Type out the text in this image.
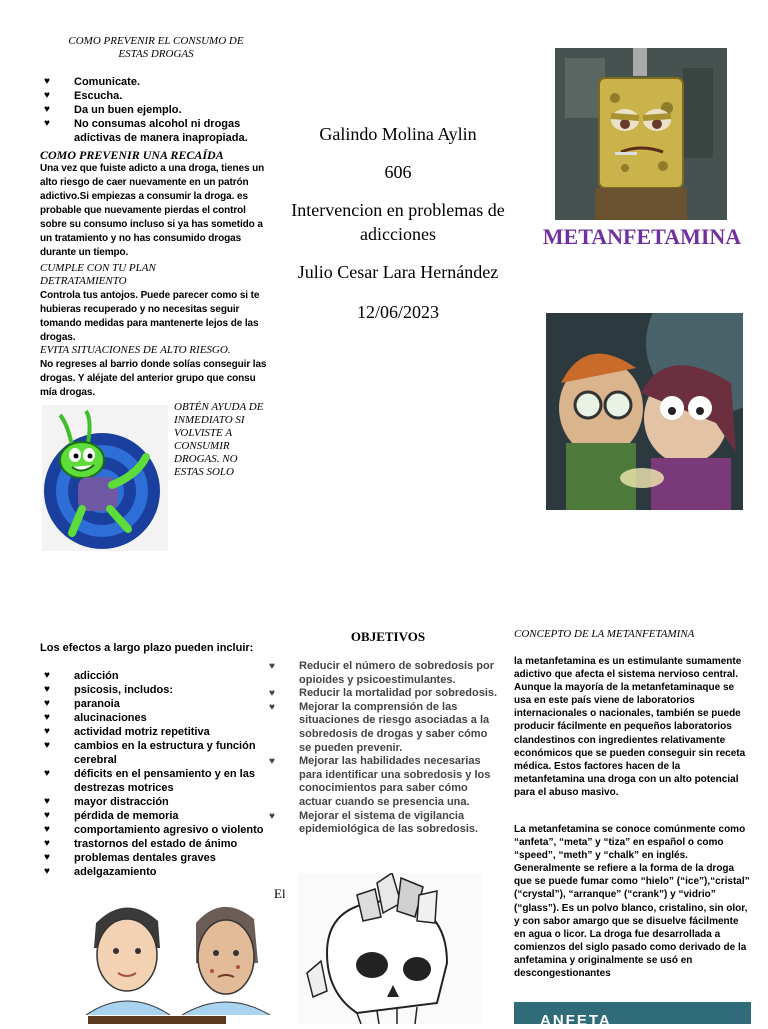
COMO PREVENIR EL CONSUMO DE ESTAS DROGAS
♥ Comunicate.
♥ Escucha.
♥ Da un buen ejemplo.
♥ No consumas alcohol ni drogas adictivas de manera inapropiada.
COMO PREVENIR UNA RECAÍDA

Una vez que fuiste adicto a una droga, tienes un alto riesgo de caer nuevamente en un patrón adictivo.Si empiezas a consumir la droga. es probable que nuevamente pierdas el control sobre su consumo incluso si ya has sometido a un tratamiento y no has consumido drogas durante un tiempo.

CUMPLE CON TU PLAN DETRATAMIENTO

Controla tus antojos. Puede parecer como si te hubieras recuperado y no necesitas seguir tomando medidas para mantenerte lejos de las drogas.

EVITA SITUACIONES DE ALTO RIESGO.

No regreses al barrio donde solías conseguir las drogas. Y aléjate del anterior grupo que consu mía drogas.

OBTÉN AYUDA DE INMEDIATO SI VOLVISTE A CONSUMIR DROGAS. NO ESTAS SOLO

Galindo Molina Aylin

606

Intervencion en problemas de adicciones

Julio Cesar Lara Hernández

12/06/2023

METANFETAMINA
Los efectos a largo plazo pueden incluir:
♥ adicción
♥ psicosis, includos:
♥ paranoia
♥ alucinaciones
♥ actividad motriz repetitiva
♥ cambios en la estructura y función cerebral
♥ déficits en el pensamiento y en las destrezas motrices
♥ mayor distracción
♥ pérdida de memoria
♥ comportamiento agresivo o violento
♥ trastornos del estado de ánimo
♥ problemas dentales graves
♥ adelgazamiento
OBJETIVOS
♥ Reducir el número de sobredosis por opioides y psicoestimulantes.
♥ Reducir la mortalidad por sobredosis.
♥ Mejorar la comprensión de las situaciones de riesgo asociadas a la sobredosis de drogas y saber cómo se pueden prevenir.
♥ Mejorar las habilidades necesarias para identificar una sobredosis y los conocimientos para saber cómo actuar cuando se presencia una.
♥ Mejorar el sistema de vigilancia epidemiológica de las sobredosis.
El
CONCEPTO DE LA METANFETAMINA

la metanfetamina es un estimulante sumamente adictivo que afecta el sistema nervioso central. Aunque la mayoría de la metanfetaminaque se usa en este país viene de laboratorios internacionales o nacionales, también se puede producir fácilmente en pequeños laboratorios clandestinos con ingredientes relativamente económicos que se pueden conseguir sin receta médica. Estos factores hacen de la metanfetamina una droga con un alto potencial para el abuso masivo.

La metanfetamina se conoce comúnmente como “anfeta”, “meta” y “tiza” en español o como “speed”, “meth” y “chalk” en inglés. Generalmente se refiere a la forma de la droga que se puede fumar como “hielo” (“ice”),“cristal” (“crystal”), “arranque” (“crank”) y “vidrio” (“glass”). Es un polvo blanco, cristalino, sin olor, y con sabor amargo que se disuelve fácilmente en agua o licor. La droga fue desarrollada a comienzos del siglo pasado como derivado de la anfetamina y originalmente se usó en descongestionantes

ANFETA
